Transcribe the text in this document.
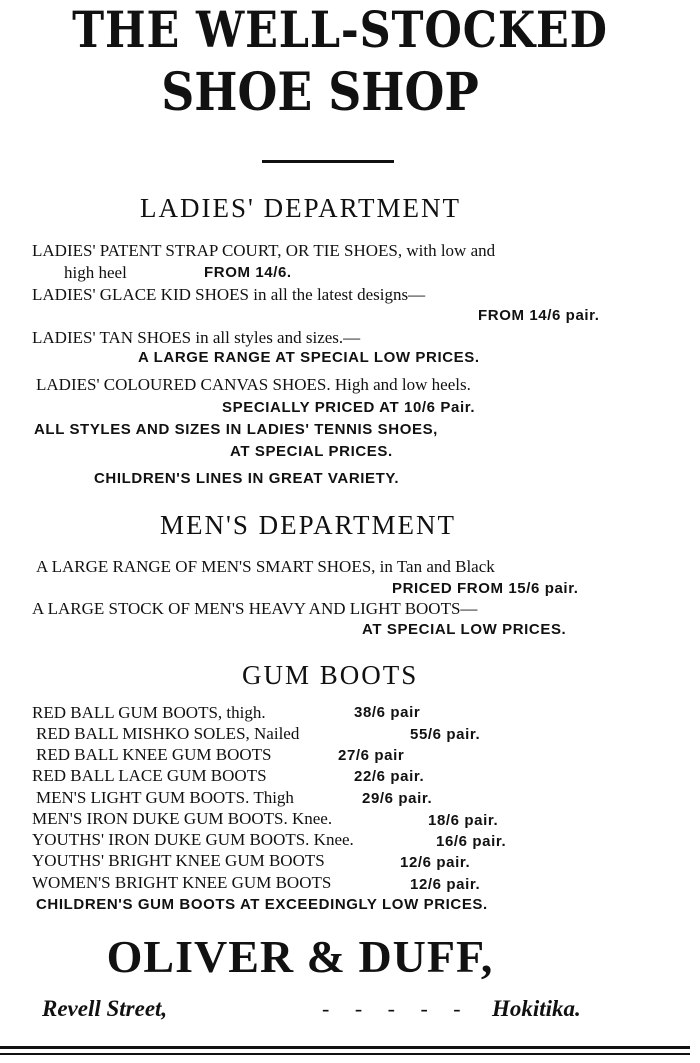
THE WELL-STOCKED
SHOE SHOP
LADIES' DEPARTMENT
LADIES' PATENT STRAP COURT, OR TIE SHOES, with low and
high heel	FROM 14/6.
LADIES' GLACE KID SHOES in all the latest designs—
FROM 14/6 pair.
LADIES' TAN SHOES in all styles and sizes.—
A LARGE RANGE AT SPECIAL LOW PRICES.
LADIES' COLOURED CANVAS SHOES. High and low heels.
SPECIALLY PRICED AT 10/6 Pair.
ALL STYLES AND SIZES IN LADIES' TENNIS SHOES,
AT SPECIAL PRICES.
CHILDREN'S LINES IN GREAT VARIETY.
MEN'S DEPARTMENT
A LARGE RANGE OF MEN'S SMART SHOES, in Tan and Black
PRICED FROM 15/6 pair.
A LARGE STOCK OF MEN'S HEAVY AND LIGHT BOOTS—
AT SPECIAL LOW PRICES.
GUM BOOTS
RED BALL GUM BOOTS, thigh.	38/6 pair
RED BALL MISHKO SOLES, Nailed	55/6 pair.
RED BALL KNEE GUM BOOTS	27/6 pair
RED BALL LACE GUM BOOTS	22/6 pair.
MEN'S LIGHT GUM BOOTS. Thigh	29/6 pair.
MEN'S IRON DUKE GUM BOOTS. Knee.	18/6 pair.
YOUTHS' IRON DUKE GUM BOOTS. Knee.	16/6 pair.
YOUTHS' BRIGHT KNEE GUM BOOTS	12/6 pair.
WOMEN'S BRIGHT KNEE GUM BOOTS	12/6 pair.
CHILDREN'S GUM BOOTS AT EXCEEDINGLY LOW PRICES.
OLIVER & DUFF,
Revell Street,	- - - - - Hokitika.
